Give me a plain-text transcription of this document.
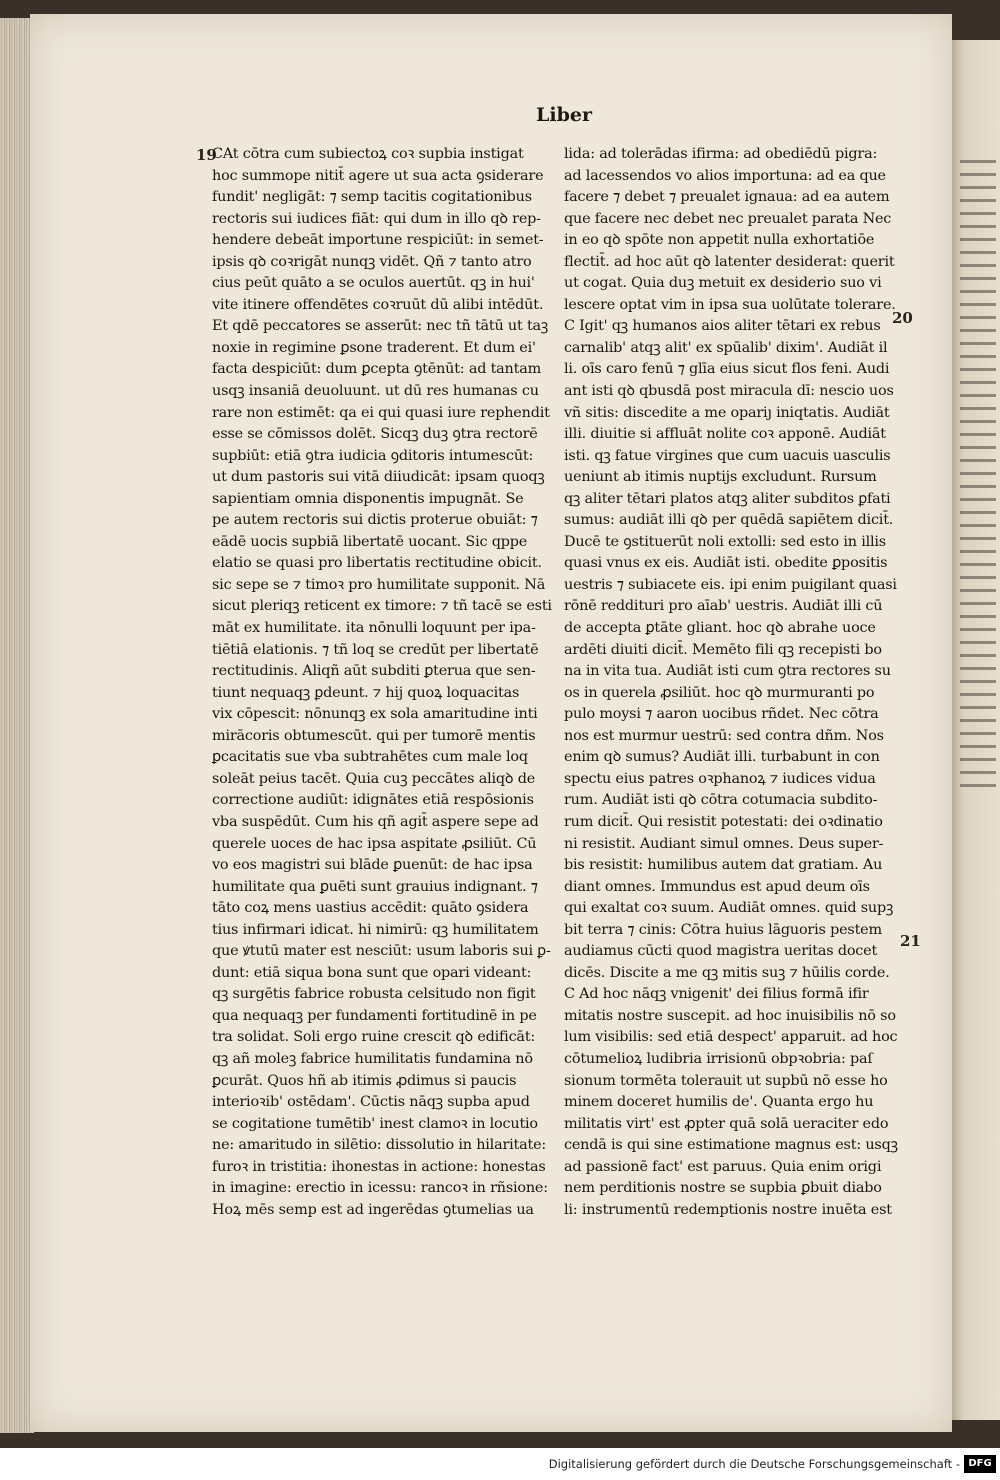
Liber
19
20
21
CAt cōtra cum subiectoꝝ coꝛ supbia instigat
hoc summope nitit̄ agere ut sua acta ꝯsiderare
fundit' negligāt: ⁊ semp tacitis cogitationibus
rectoris sui iudices fiāt: qui dum in illo qꝺ rep-
hendere debeāt importune respiciūt: in semet-
ipsis qꝺ coꝛrigāt nunqꝫ vidēt. Qñ ⁊ tanto atro
cius peūt quāto a se oculos auertūt. qꝫ in hui'
vite itinere offendētes coꝛruūt dū alibi intēdūt.
Et qdē peccatores se asserūt: nec tñ tātū ut taꝫ
noxie in regimine ꝑsone traderent. Et dum ei'
facta despiciūt: dum ꝑcepta ꝯtēnūt: ad tantam
usqꝫ insaniā deuoluunt. ut dū res humanas cu
rare non estimēt: qa ei qui quasi iure rephendit
esse se cōmissos dolēt. Sicqꝫ duꝫ ꝯtra rectorē
supbiūt: etiā ꝯtra iudicia ꝯditoris intumescūt:
ut dum pastoris sui vitā diiudicāt: ipsam quoqꝫ
sapientiam omnia disponentis impugnāt. Se
pe autem rectoris sui dictis proterue obuiāt: ⁊
eādē uocis supbiā libertatē uocant. Sic qppe
elatio se quasi pro libertatis rectitudine obicit.
sic sepe se ⁊ timoꝛ pro humilitate supponit. Nā
sicut pleriqꝫ reticent ex timore: ⁊ tñ tacē se esti
māt ex humilitate. ita nōnulli loquunt per ipa-
tiētiā elationis. ⁊ tñ loq se credūt per libertatē
rectitudinis. Aliqñ aūt subditi ꝑterua que sen-
tiunt nequaqꝫ ꝑdeunt. ⁊ hij quoꝝ loquacitas
vix cōpescit: nōnunqꝫ ex sola amaritudine inti
mirācoris obtumescūt. qui per tumorē mentis
ꝑcacitatis sue vba subtrahētes cum male loq
soleāt peius tacēt. Quia cuꝫ peccātes aliqꝺ de
correctione audiūt: idignātes etiā respōsionis
vba suspēdūt. Cum his qñ agit̄ aspere sepe ad
querele uoces de hac ipsa aspitate ꝓsiliūt. Cū
vo eos magistri sui blāde ꝑuenūt: de hac ipsa
humilitate qua ꝑuēti sunt grauius indignant. ⁊
tāto coꝝ mens uastius accēdit: quāto ꝯsidera
tius infirmari idicat. hi nimirū: qꝫ humilitatem
que ꝟtutū mater est nesciūt: usum laboris sui ꝑ-
dunt: etiā siqua bona sunt que opari videant:
qꝫ surgētis fabrice robusta celsitudo non figit
qua nequaqꝫ per fundamenti fortitudinē in pe
tra solidat. Soli ergo ruine crescit qꝺ edificāt:
qꝫ añ moleꝫ fabrice humilitatis fundamina nō
ꝑcurāt. Quos hñ ab itimis ꝓdimus si paucis
interioꝛib' ostēdam'. Cūctis nāqꝫ supba apud
se cogitatione tumētib' inest clamoꝛ in locutio
ne: amaritudo in silētio: dissolutio in hilaritate:
furoꝛ in tristitia: ihonestas in actione: honestas
in imagine: erectio in icessu: rancoꝛ in rñsione:
Hoꝝ mēs semp est ad ingerēdas ꝯtumelias ua
lida: ad tolerādas ifirma: ad obediēdū pigra:
ad lacessendos vo alios importuna: ad ea que
facere ⁊ debet ⁊ preualet ignaua: ad ea autem
que facere nec debet nec preualet parata Nec
in eo qꝺ spōte non appetit nulla exhortatiōe
flectit̄. ad hoc aūt qꝺ latenter desiderat: querit
ut cogat. Quia duꝫ metuit ex desiderio suo vi
lescere optat vim in ipsa sua uolūtate tolerare.
C Igit' qꝫ humanos aios aliter tētari ex rebus
carnalib' atqꝫ alit' ex spūalib' dixim'. Audiāt il
li. oīs caro fenū ⁊ glīa eius sicut flos feni. Audi
ant isti qꝺ qbusdā post miracula dī: nescio uos
vñ sitis: discedite a me opariȷ iniqtatis. Audiāt
illi. diuitie si affluāt nolite coꝛ apponē. Audiāt
isti. qꝫ fatue virgines que cum uacuis uasculis
ueniunt ab itimis nuptijs excludunt. Rursum
qꝫ aliter tētari platos atqꝫ aliter subditos ꝑfati
sumus: audiāt illi qꝺ per quēdā sapiētem dicit̄.
Ducē te ꝯstituerūt noli extolli: sed esto in illis
quasi vnus ex eis. Audiāt isti. obedite ꝑpositis
uestris ⁊ subiacete eis. ipi enim puigilant quasi
rōnē reddituri pro aīab' uestris. Audiāt illi cū
de accepta ꝑtāte gliant. hoc qꝺ abrahe uoce
ardēti diuiti dicit̄. Memēto fili qꝫ recepisti bo
na in vita tua. Audiāt isti cum ꝯtra rectores su
os in querela ꝓsiliūt. hoc qꝺ murmuranti po
pulo moysi ⁊ aaron uocibus rñdet. Nec cōtra
nos est murmur uestrū: sed contra dñm. Nos
enim qꝺ sumus? Audiāt illi. turbabunt in con
spectu eius patres oꝛphanoꝝ ⁊ iudices vidua
rum. Audiāt isti qꝺ cōtra cotumacia subdito-
rum dicit̄. Qui resistit potestati: dei oꝛdinatio
ni resistit. Audiant simul omnes. Deus super-
bis resistit: humilibus autem dat gratiam. Au
diant omnes. Immundus est apud deum oīs
qui exaltat coꝛ suum. Audiāt omnes. quid supꝫ
bit terra ⁊ cinis: Cōtra huius lāguoris pestem
audiamus cūcti quod magistra ueritas docet
dicēs. Discite a me qꝫ mitis suꝫ ⁊ hūilis corde.
C Ad hoc nāqꝫ vnigenit' dei filius formā ifir
mitatis nostre suscepit. ad hoc inuisibilis nō so
lum visibilis: sed etiā despect' apparuit. ad hoc
cōtumelioꝝ ludibria irrisionū obpꝛobria: paſ
sionum tormēta tolerauit ut supbū nō esse ho
minem doceret humilis de'. Quanta ergo hu
militatis virt' est ꝓpter quā solā ueraciter edo
cendā is qui sine estimatione magnus est: usqꝫ
ad passionē fact' est paruus. Quia enim origi
nem perditionis nostre se supbia ꝑbuit diabo
li: instrumentū redemptionis nostre inuēta est
Digitalisierung gefördert durch die Deutsche Forschungsgemeinschaft - DFG
